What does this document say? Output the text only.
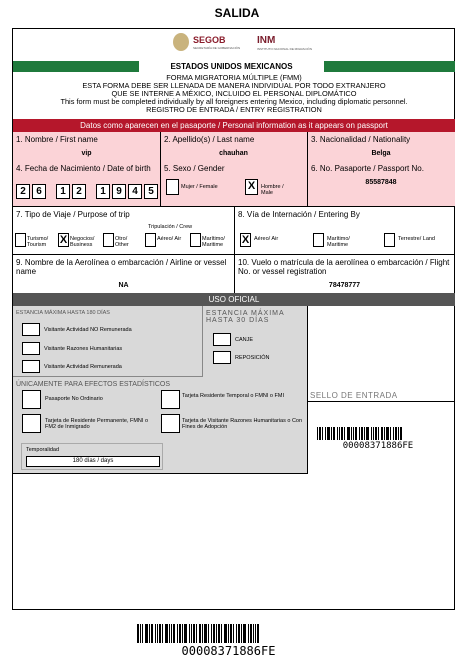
SALIDA
SEGOB
SECRETARÍA DE GOBERNACIÓN
INM
INSTITUTO NACIONAL DE MIGRACIÓN
ESTADOS UNIDOS MEXICANOS
FORMA MIGRATORIA MÚLTIPLE (FMM)
ESTA FORMA DEBE SER LLENADA DE MANERA INDIVIDUAL POR TODO EXTRANJERO
QUE SE INTERNE A MÉXICO, INCLUIDO EL PERSONAL DIPLOMÁTICO
This form must be completed individually by all foreigners entering Mexico, including diplomatic personnel.
REGISTRO DE ENTRADA / ENTRY REGISTRATION
Datos como aparecen en el pasaporte / Personal information as it appears on passport
1. Nombre / First name
vip
2. Apellido(s) / Last name
chauhan
3. Nacionalidad / Nationality
Belga
4. Fecha de Nacimiento / Date of birth
2	6	1	2	1	9	4	5
5. Sexo / Gender
Mujer / Female	X	Hombre / Male
6. No. Pasaporte / Passport No.
85587848
7. Tipo de Viaje / Purpose of trip
Tripulación / Crew
Turismo/ Tourism	X Negocios/ Business
Otro/ Other
Aéreo/ Air	Marítimo/ Maritime
8. Vía de Internación / Entering By
X Aéreo/ Air	Marítimo/ Maritime
Terrestre/ Land
9. Nombre de la Aerolínea o embarcación / Airline or vessel name
NA
10. Vuelo o matrícula de la aerolínea o embarcación / Flight No. or vessel registration
78478777
USO OFICIAL
ESTANCIA MÁXIMA HASTA 180 DÍAS
Visitante Actividad NO Remunerada
Visitante Razones Humanitarias
Visitante Actividad Remunerada
ESTANCIA MÁXIMA HASTA 30 DÍAS
CANJE
REPOSICIÓN
ÚNICAMENTE PARA EFECTOS ESTADÍSTICOS
Pasaporte No Ordinario	Tarjeta Residente Temporal o FMNI o FMI
Tarjeta de Residente Permanente, FMNI o FM2 de Inmigrado
Tarjeta de Visitante Razones Humanitarias o Con Fines de Adopción
Temporalidad
180 días / days
SELLO DE ENTRADA
00008371886FE
00008371886FE
